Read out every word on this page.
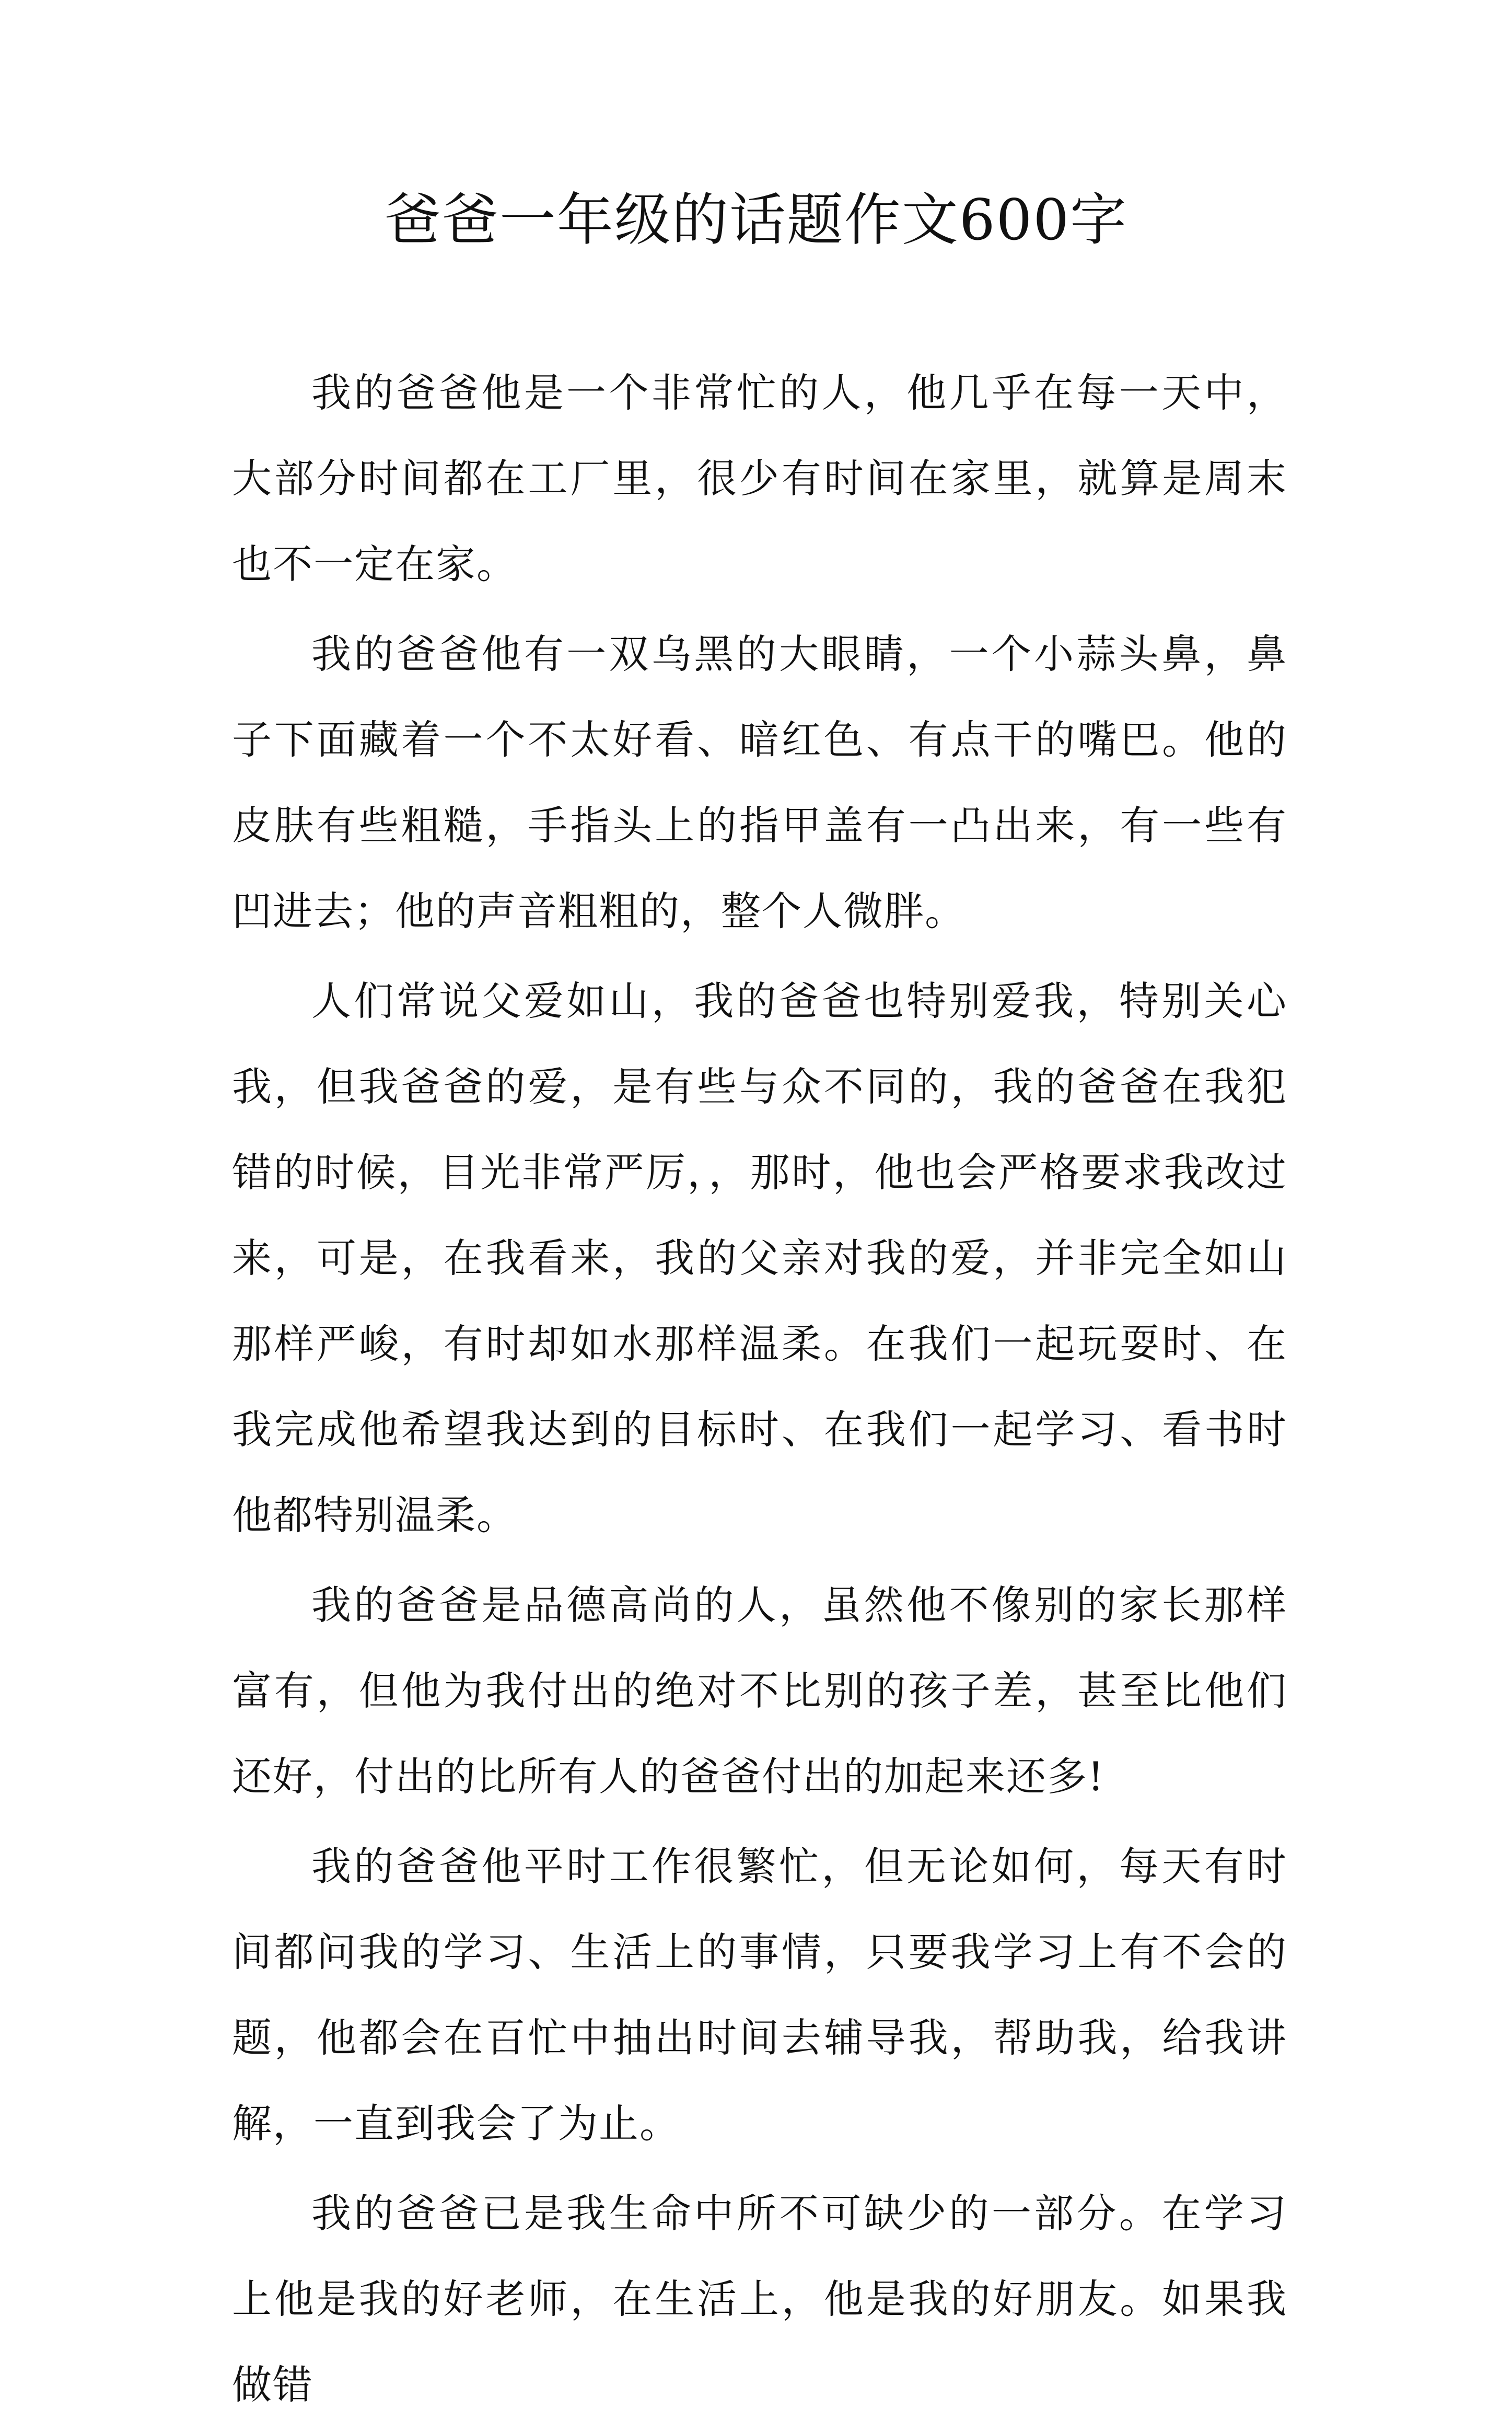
爸爸一年级的话题作文600字

我的爸爸他是一个非常忙的人，他几乎在每一天中，大部分时间都在工厂里，很少有时间在家里，就算是周末也不一定在家。

我的爸爸他有一双乌黑的大眼睛，一个小蒜头鼻，鼻子下面藏着一个不太好看、暗红色、有点干的嘴巴。他的皮肤有些粗糙，手指头上的指甲盖有一凸出来，有一些有凹进去；他的声音粗粗的，整个人微胖。

人们常说父爱如山，我的爸爸也特别爱我，特别关心我，但我爸爸的爱，是有些与众不同的，我的爸爸在我犯错的时候，目光非常严厉，，那时，他也会严格要求我改过来，可是，在我看来，我的父亲对我的爱，并非完全如山那样严峻，有时却如水那样温柔。在我们一起玩耍时、在我完成他希望我达到的目标时、在我们一起学习、看书时他都特别温柔。

我的爸爸是品德高尚的人，虽然他不像别的家长那样富有，但他为我付出的绝对不比别的孩子差，甚至比他们还好，付出的比所有人的爸爸付出的加起来还多!

我的爸爸他平时工作很繁忙，但无论如何，每天有时间都问我的学习、生活上的事情，只要我学习上有不会的题，他都会在百忙中抽出时间去辅导我，帮助我，给我讲解，一直到我会了为止。

我的爸爸已是我生命中所不可缺少的一部分。在学习上他是我的好老师，在生活上，他是我的好朋友。如果我做错
